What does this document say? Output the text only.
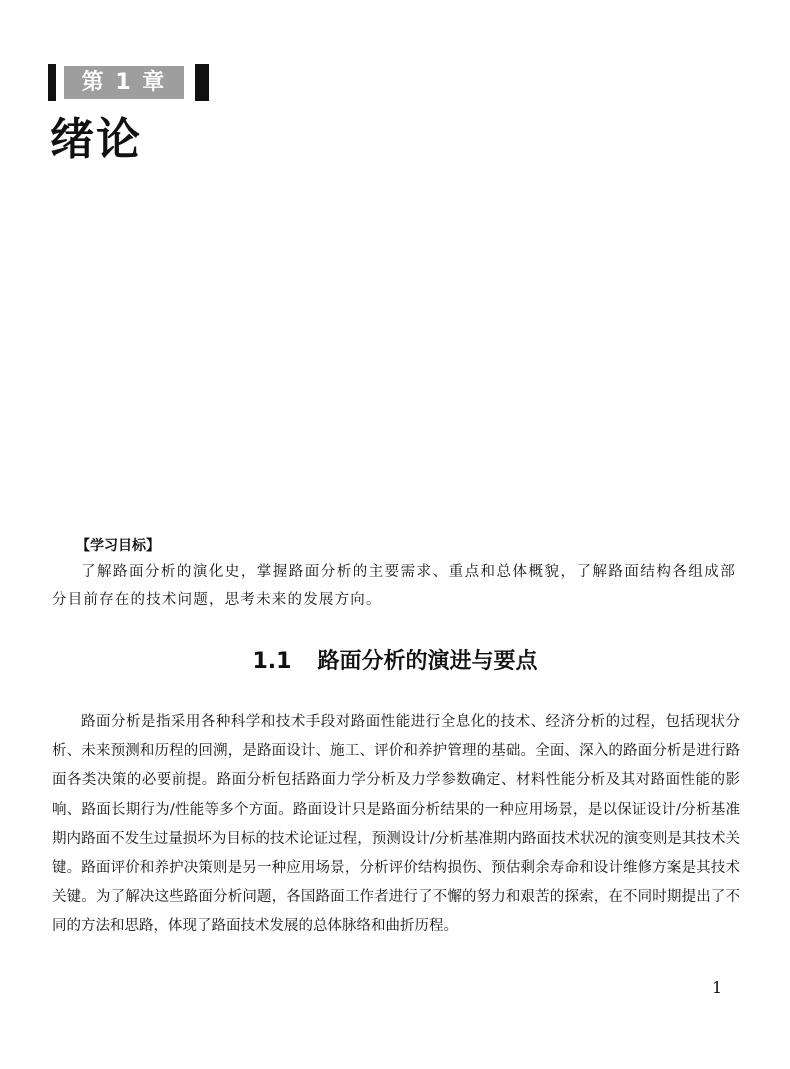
第 1 章
绪论
【学习目标】

了解路面分析的演化史，掌握路面分析的主要需求、重点和总体概貌，了解路面结构各组成部分目前存在的技术问题，思考未来的发展方向。

1.1 路面分析的演进与要点

路面分析是指采用各种科学和技术手段对路面性能进行全息化的技术、经济分析的过程，包括现状分析、未来预测和历程的回溯，是路面设计、施工、评价和养护管理的基础。全面、深入的路面分析是进行路面各类决策的必要前提。路面分析包括路面力学分析及力学参数确定、材料性能分析及其对路面性能的影响、路面长期行为/性能等多个方面。路面设计只是路面分析结果的一种应用场景，是以保证设计/分析基准期内路面不发生过量损坏为目标的技术论证过程，预测设计/分析基准期内路面技术状况的演变则是其技术关键。路面评价和养护决策则是另一种应用场景，分析评价结构损伤、预估剩余寿命和设计维修方案是其技术关键。为了解决这些路面分析问题，各国路面工作者进行了不懈的努力和艰苦的探索，在不同时期提出了不同的方法和思路，体现了路面技术发展的总体脉络和曲折历程。

1
